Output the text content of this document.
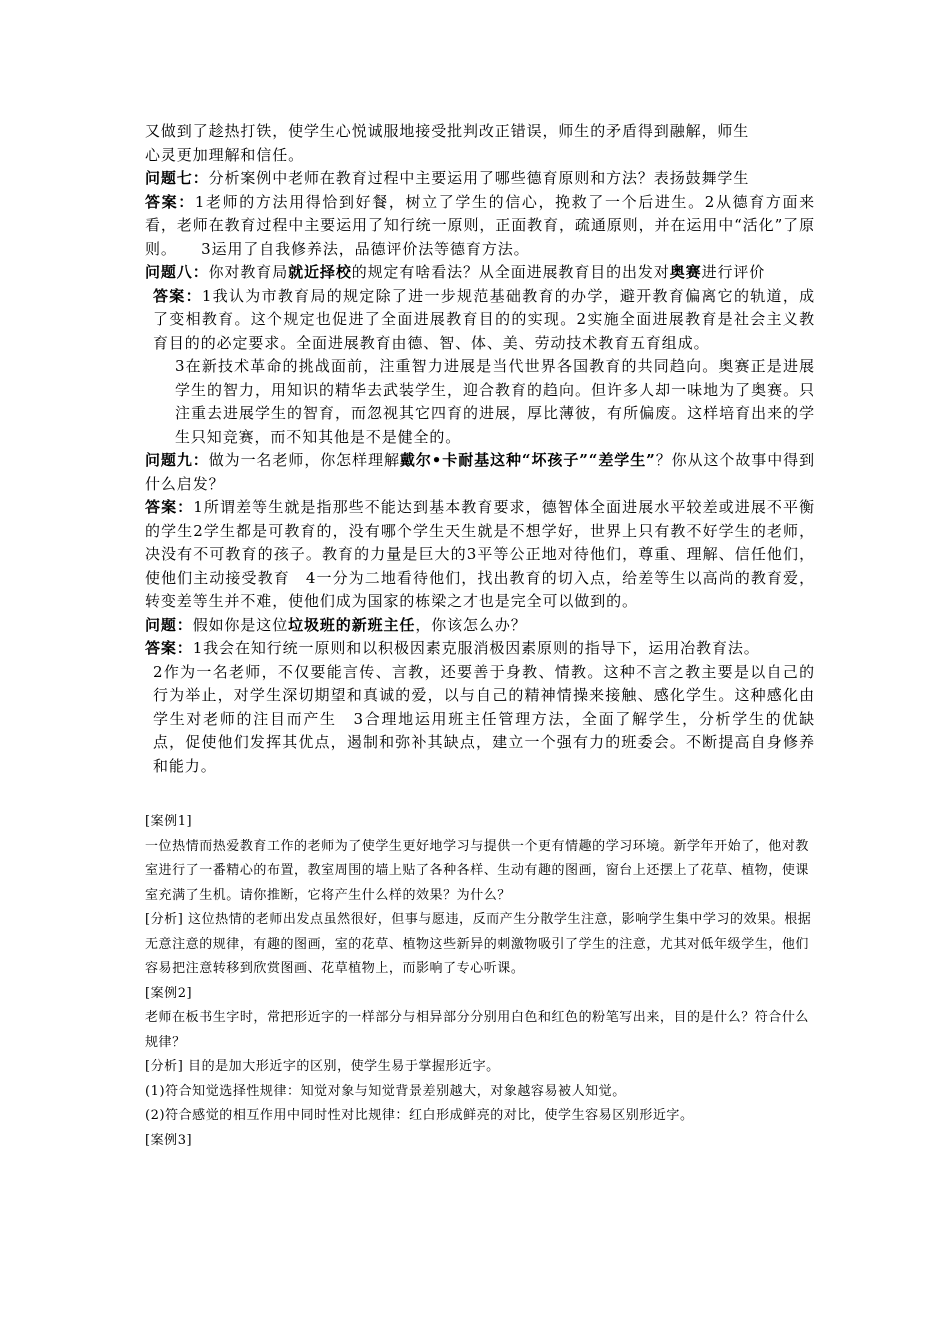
又做到了趁热打铁，使学生心悦诚服地接受批判改正错误，师生的矛盾得到融解，师生

心灵更加理解和信任。

问题七：分析案例中老师在教育过程中主要运用了哪些德育原则和方法？表扬鼓舞学生

答案：1老师的方法用得恰到好餐，树立了学生的信心，挽救了一个后进生。2从德育方面来看，老师在教育过程中主要运用了知行统一原则，正面教育，疏通原则，并在运用中“活化”了原则。　　3运用了自我修养法，品德评价法等德育方法。

问题八：你对教育局就近择校的规定有啥看法？从全面进展教育目的出发对奥赛进行评价

答案：1我认为市教育局的规定除了进一步规范基础教育的办学，避开教育偏离它的轨道，成了变相教育。这个规定也促进了全面进展教育目的的实现。2实施全面进展教育是社会主义教育目的的必定要求。全面进展教育由德、智、体、美、劳动技术教育五育组成。

3在新技术革命的挑战面前，注重智力进展是当代世界各国教育的共同趋向。奥赛正是进展学生的智力，用知识的精华去武装学生，迎合教育的趋向。但许多人却一味地为了奥赛。只注重去进展学生的智育，而忽视其它四育的进展，厚比薄彼，有所偏废。这样培育出来的学生只知竞赛，而不知其他是不是健全的。

问题九：做为一名老师，你怎样理解戴尔•卡耐基这种“坏孩子”“差学生”？你从这个故事中得到什么启发？

答案：1所谓差等生就是指那些不能达到基本教育要求，德智体全面进展水平较差或进展不平衡的学生2学生都是可教育的，没有哪个学生天生就是不想学好，世界上只有教不好学生的老师，决没有不可教育的孩子。教育的力量是巨大的3平等公正地对待他们，尊重、理解、信任他们，使他们主动接受教育　4一分为二地看待他们，找出教育的切入点，给差等生以高尚的教育爱，转变差等生并不难，使他们成为国家的栋梁之才也是完全可以做到的。

问题：假如你是这位垃圾班的新班主任，你该怎么办？

答案：1我会在知行统一原则和以积极因素克服消极因素原则的指导下，运用冶教育法。

2作为一名老师，不仅要能言传、言教，还要善于身教、情教。这种不言之教主要是以自己的行为举止，对学生深切期望和真诚的爱，以与自己的精神情操来接触、感化学生。这种感化由学生对老师的注目而产生　3合理地运用班主任管理方法，全面了解学生，分析学生的优缺点，促使他们发挥其优点，遏制和弥补其缺点，建立一个强有力的班委会。不断提高自身修养和能力。

[案例1]

一位热情而热爱教育工作的老师为了使学生更好地学习与提供一个更有情趣的学习环境。新学年开始了，他对教室进行了一番精心的布置，教室周围的墙上贴了各种各样、生动有趣的图画，窗台上还摆上了花草、植物，使课室充满了生机。请你推断，它将产生什么样的效果？为什么？

[分析] 这位热情的老师出发点虽然很好，但事与愿违，反而产生分散学生注意，影响学生集中学习的效果。根据无意注意的规律，有趣的图画，室的花草、植物这些新异的刺激物吸引了学生的注意，尤其对低年级学生，他们容易把注意转移到欣赏图画、花草植物上，而影响了专心听课。

[案例2]

老师在板书生字时，常把形近字的一样部分与相异部分分别用白色和红色的粉笔写出来，目的是什么？符合什么规律？

[分析] 目的是加大形近字的区别，使学生易于掌握形近字。

(1)符合知觉选择性规律：知觉对象与知觉背景差别越大，对象越容易被人知觉。

(2)符合感觉的相互作用中同时性对比规律：红白形成鲜亮的对比，使学生容易区别形近字。

[案例3]
